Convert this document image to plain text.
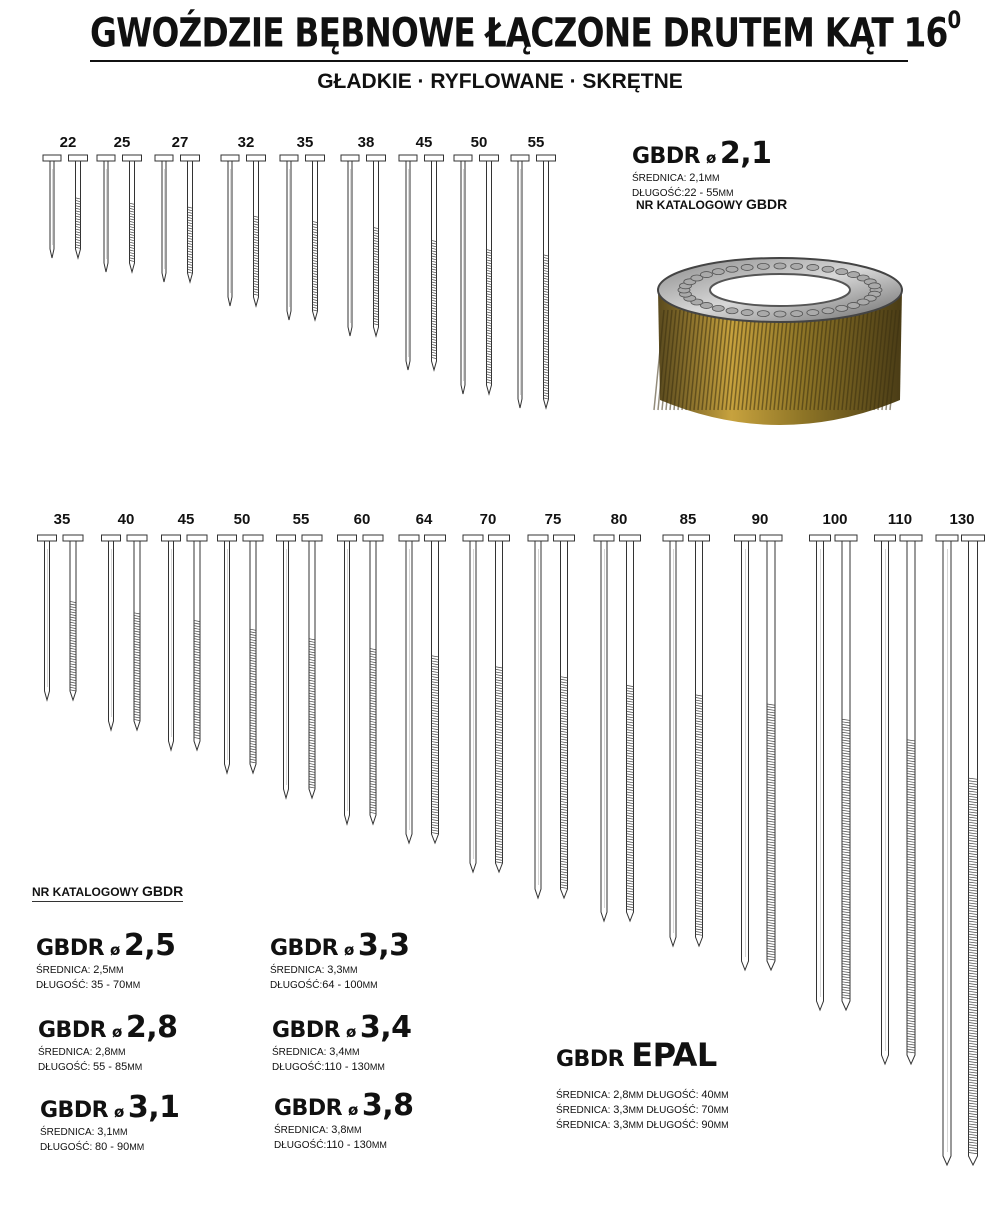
GWOŹDZIE BĘBNOWE ŁĄCZONE DRUTEM KĄT $16^0$
GŁADKIE · RYFLOWANE · SKRĘTNE
GBDR ø 2,1
ŚREDNICA: 2,1MM
DŁUGOŚĆ:22 - 55MM
NR KATALOGOWY GBDR
NR KATALOGOWY GBDR
GBDR ø 2,5
ŚREDNICA: 2,5MM
DŁUGOŚĆ: 35 - 70MM
GBDR ø 2,8
ŚREDNICA: 2,8MM
DŁUGOŚĆ: 55 - 85MM
GBDR ø 3,1
ŚREDNICA: 3,1MM
DŁUGOŚĆ: 80 - 90MM
GBDR ø 3,3
ŚREDNICA: 3,3MM
DŁUGOŚĆ:64 - 100MM
GBDR ø 3,4
ŚREDNICA: 3,4MM
DŁUGOŚĆ:110 - 130MM
GBDR ø 3,8
ŚREDNICA: 3,8MM
DŁUGOŚĆ:110 - 130MM
GBDR EPAL
ŚREDNICA: 2,8MM DŁUGOŚĆ: 40MM
ŚREDNICA: 3,3MM DŁUGOŚĆ: 70MM
ŚREDNICA: 3,3MM DŁUGOŚĆ: 90MM
22	25	27	32	35	38	45	50	55
35	40	45	50	55	60	64	70	75	80	85	90	100	110	130
